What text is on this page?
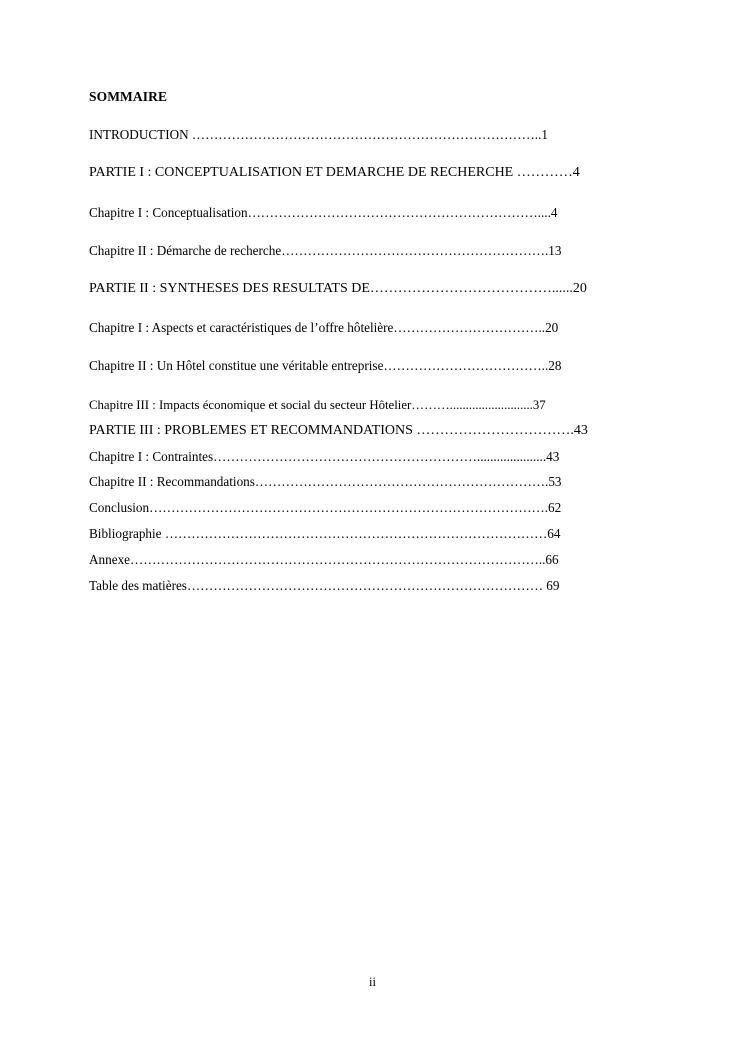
SOMMAIRE
INTRODUCTION ……………………………………………………………………..1
PARTIE I : CONCEPTUALISATION ET DEMARCHE DE RECHERCHE …………4
Chapitre I : Conceptualisation…………………………………………………………....4
Chapitre II : Démarche de recherche…………………………………………………….13
PARTIE II : SYNTHESES DES RESULTATS DE…………………………………......20
Chapitre I : Aspects et caractéristiques de l’offre hôtelière……………………………..20
Chapitre II : Un Hôtel constitue une véritable entreprise………………………………..28
Chapitre III : Impacts économique et social du secteur Hôtelier………..........................37
PARTIE III : PROBLEMES ET RECOMMANDATIONS …………………………….43
Chapitre I : Contraintes…………………………………………………….....................43
Chapitre II : Recommandations………………………………………………………….53
Conclusion……………………………………………………………………………….62
Bibliographie ……………………………………………………………………………64
Annexe…………………………………………………………………………………..66
Table des matières……………………………………………………………………… 69
ii
